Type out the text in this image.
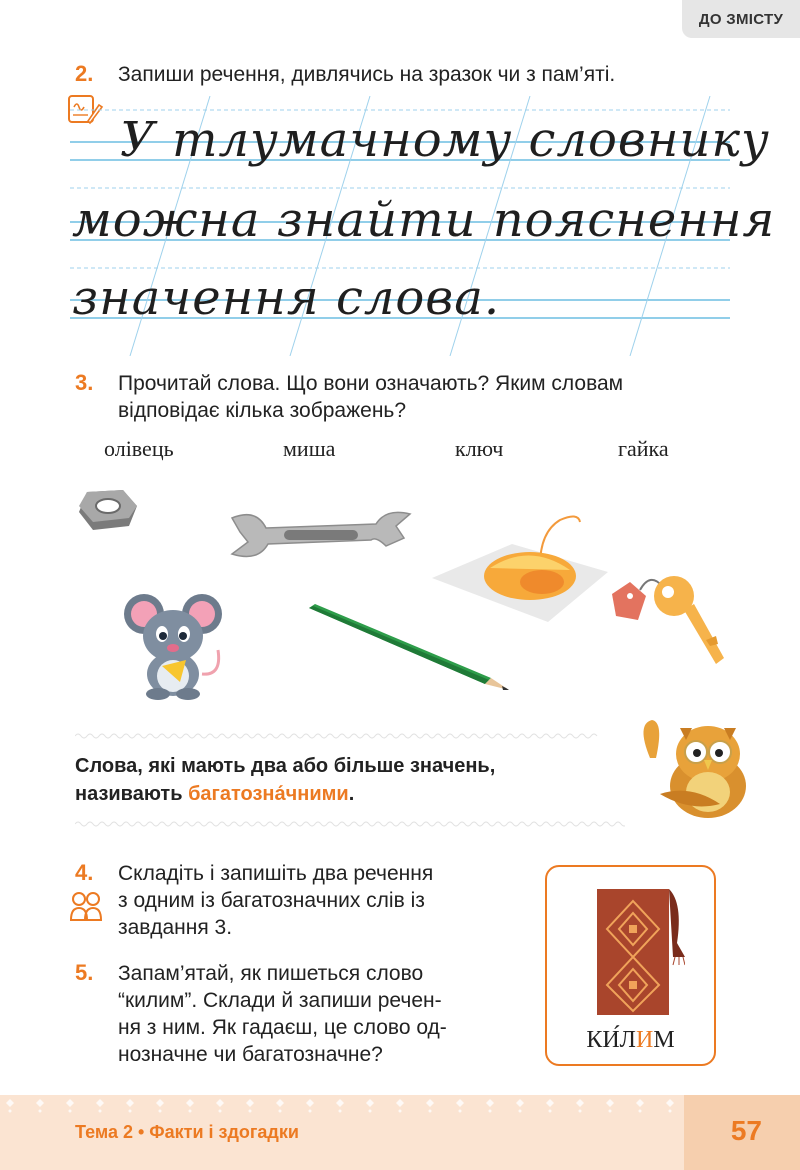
ДО ЗМІСТУ
2. Запиши речення, дивлячись на зразок чи з пам’яті.
У тлумачному словнику
можна знайти пояснення
значення слова.
3. Прочитай слова. Що вони означають? Яким словам
відповідає кілька зображень?
олівець	миша	ключ	гайка
Слова, які мають два або більше значень,
називають багатозна́чними.
4. Складіть і запишіть два речення
з одним із багатозначних слів із
завдання 3.
5. Запам’ятай, як пишеться слово
“килим”. Склади й запиши речен-
ня з ним. Як гадаєш, це слово од-
нозначне чи багатозначне?
КИ́ЛИМ
Тема 2 • Факти і здогадки	57
